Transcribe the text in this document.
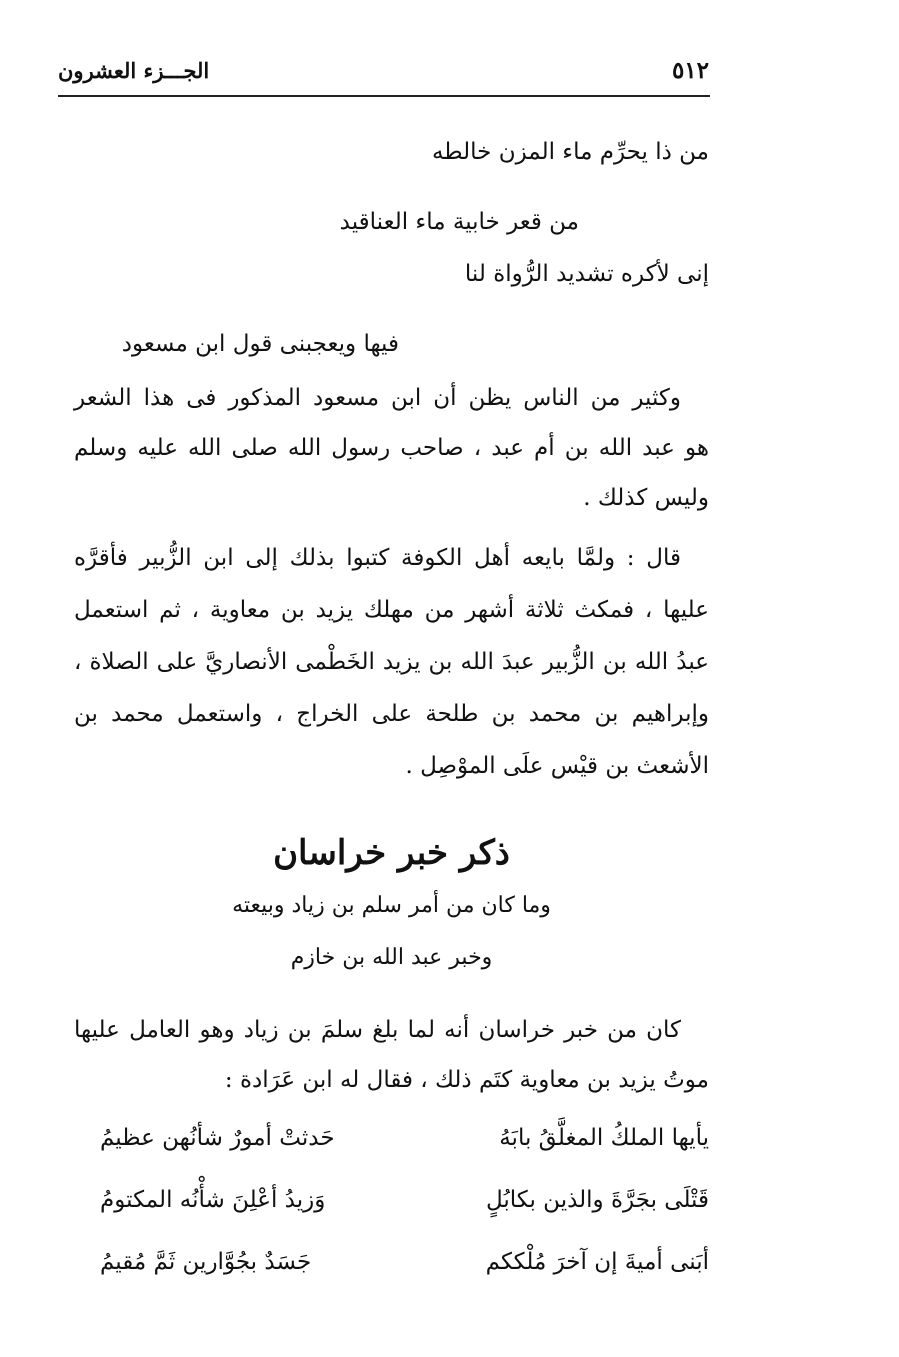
٥١٢
الجـــزء العشرون
من ذا يحرِّم ماء المزن خالطه
من قعر خابية ماء العناقيد
إنى لأكره تشديد الرُّواة لنا
فيها ويعجبنى قول ابن مسعود
وكثير من الناس يظن أن ابن مسعود المذكور فى هذا الشعر
هو عبد الله بن أم عبد ، صاحب رسول الله صلى الله عليه وسلم
وليس كذلك .
قال : ولمَّا بايعه أهل الكوفة كتبوا بذلك إلى ابن الزُّبير فأقرَّه
عليها ، فمكث ثلاثة أشهر من مهلك يزيد بن معاوية ، ثم استعمل
عبدُ الله بن الزُّبير عبدَ الله بن يزيد الخَطْمى الأنصاريَّ على الصلاة ،
وإبراهيم بن محمد بن طلحة على الخراج ، واستعمل محمد بن
الأشعث بن قيْس علَى الموْصِل .
ذكر خبر خراسان
وما كان من أمر سلم بن زياد وبيعته
وخبر عبد الله بن خازم
كان من خبر خراسان أنه لما بلغ سلمَ بن زياد وهو العامل عليها
موتُ يزيد بن معاوية كتَم ذلك ، فقال له ابن عَرَادة :
يأيها الملكُ المغلَّقُ بابَهُ
حَدثتْ أمورٌ شأنُهن عظيمُ
قَتْلَى بجَرَّةَ والذين بكابُلٍ
وَزيدُ أعْلِنَ شأْنُه المكتومُ
أبَنى أميةَ إن آخرَ مُلْككم
جَسَدٌ بجُوَّارين ثَمَّ مُقيمُ
